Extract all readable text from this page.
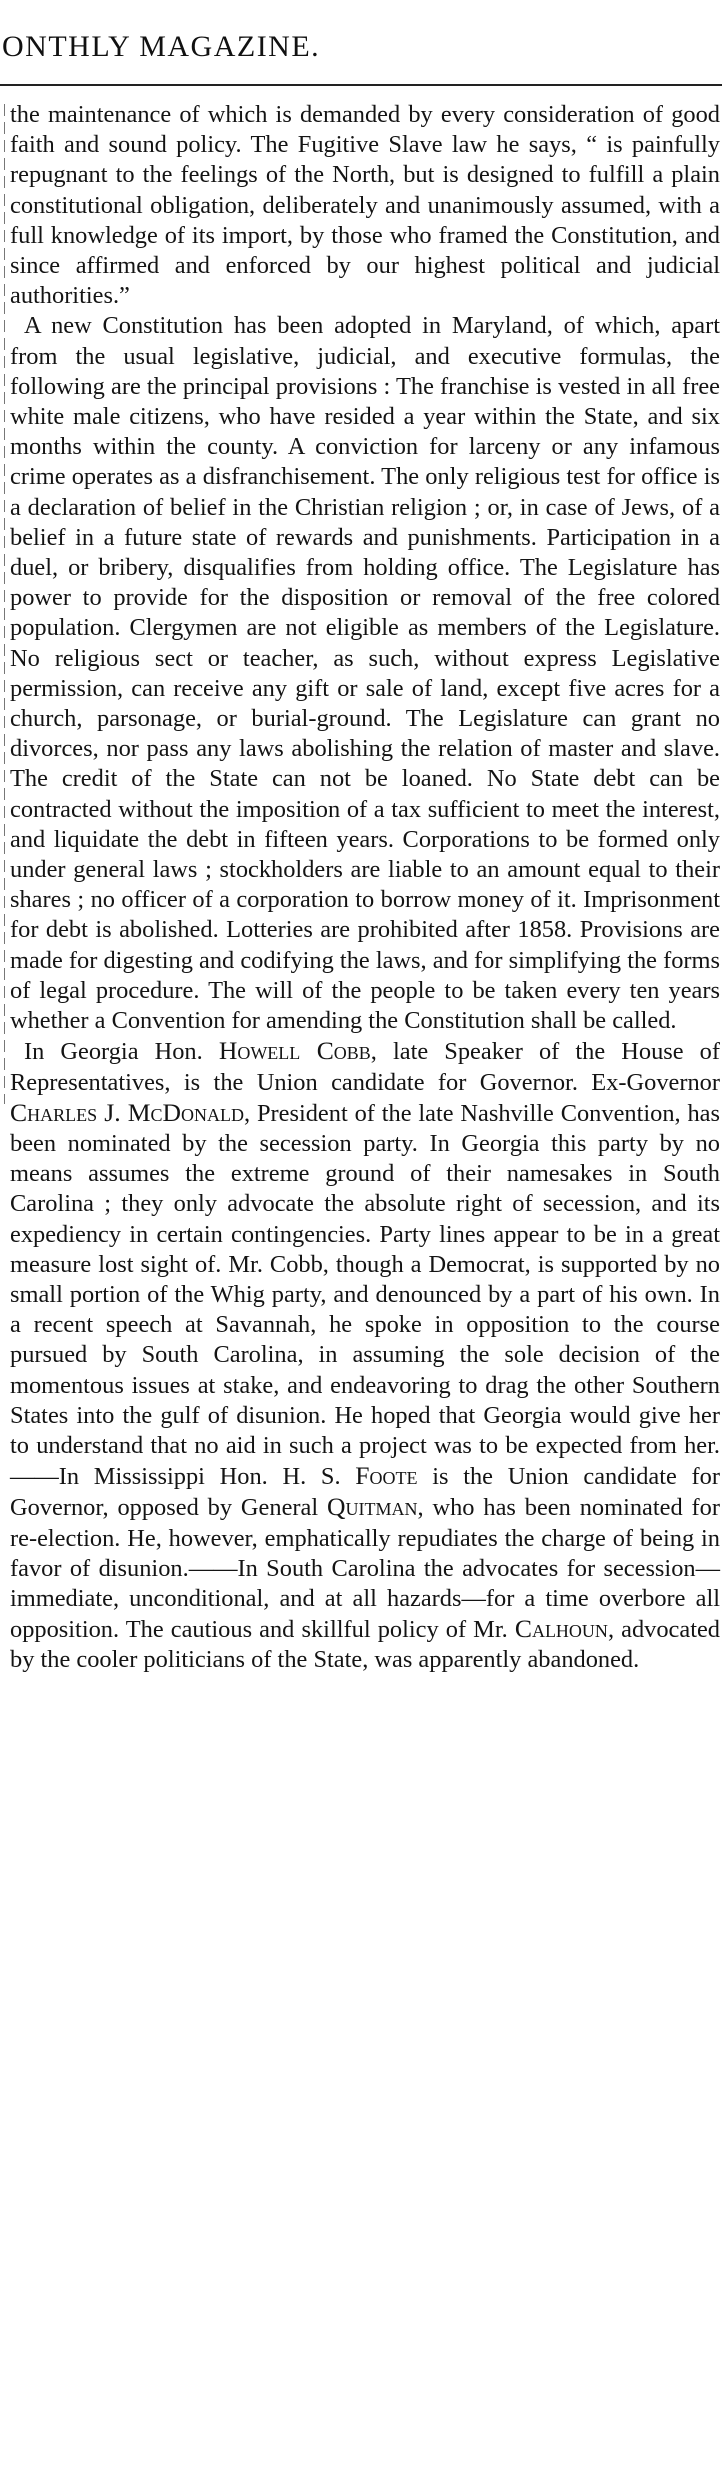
ONTHLY MAGAZINE.

the maintenance of which is demanded by every consideration of good faith and sound policy. The Fugitive Slave law he says, “ is painfully repugnant to the feelings of the North, but is designed to fulfill a plain constitutional obligation, deliberately and unanimously assumed, with a full knowledge of its import, by those who framed the Constitution, and since affirmed and enforced by our highest political and judicial authorities.”

A new Constitution has been adopted in Maryland, of which, apart from the usual legislative, judicial, and executive formulas, the following are the principal provisions : The franchise is vested in all free white male citizens, who have resided a year within the State, and six months within the county. A conviction for larceny or any infamous crime operates as a disfranchisement. The only religious test for office is a declaration of belief in the Christian religion ; or, in case of Jews, of a belief in a future state of rewards and punishments. Participation in a duel, or bribery, disqualifies from holding office. The Legislature has power to provide for the disposition or removal of the free colored population. Clergymen are not eligible as members of the Legislature. No religious sect or teacher, as such, without express Legislative permission, can receive any gift or sale of land, except five acres for a church, parsonage, or burial-ground. The Legislature can grant no divorces, nor pass any laws abolishing the relation of master and slave. The credit of the State can not be loaned. No State debt can be contracted without the imposition of a tax sufficient to meet the interest, and liquidate the debt in fifteen years. Corporations to be formed only under general laws ; stockholders are liable to an amount equal to their shares ; no officer of a corporation to borrow money of it. Imprisonment for debt is abolished. Lotteries are prohibited after 1858. Provisions are made for digesting and codifying the laws, and for simplifying the forms of legal procedure. The will of the people to be taken every ten years whether a Convention for amending the Constitution shall be called.

In Georgia Hon. Howell Cobb, late Speaker of the House of Representatives, is the Union candidate for Governor. Ex-Governor Charles J. McDonald, President of the late Nashville Convention, has been nominated by the secession party. In Georgia this party by no means assumes the extreme ground of their namesakes in South Carolina ; they only advocate the absolute right of secession, and its expediency in certain contingencies. Party lines appear to be in a great measure lost sight of. Mr. Cobb, though a Democrat, is supported by no small portion of the Whig party, and denounced by a part of his own. In a recent speech at Savannah, he spoke in opposition to the course pursued by South Carolina, in assuming the sole decision of the momentous issues at stake, and endeavoring to drag the other Southern States into the gulf of disunion. He hoped that Georgia would give her to understand that no aid in such a project was to be expected from her.——In Mississippi Hon. H. S. Foote is the Union candidate for Governor, opposed by General Quitman, who has been nominated for re-election. He, however, emphatically repudiates the charge of being in favor of disunion.——In South Carolina the advocates for secession—immediate, unconditional, and at all hazards—for a time overbore all opposition. The cautious and skillful policy of Mr. Calhoun, advocated by the cooler politicians of the State, was apparently abandoned.
